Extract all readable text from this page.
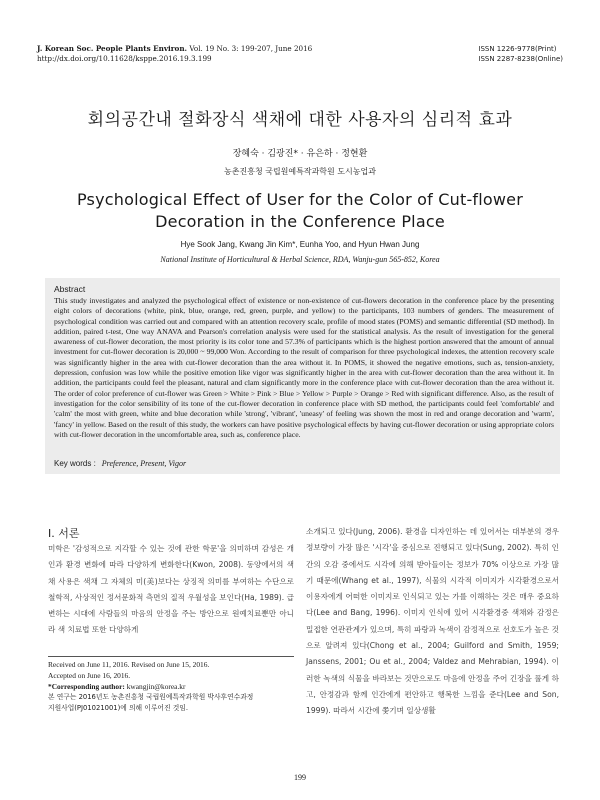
J. Korean Soc. People Plants Environ. Vol. 19 No. 3: 199-207, June 2016
http://dx.doi.org/10.11628/ksppe.2016.19.3.199
ISSN 1226-9778(Print)
ISSN 2287-8238(Online)
회의공간내 절화장식 색채에 대한 사용자의 심리적 효과
장혜숙 · 김광진* · 유은하 · 정현환
농촌진흥청 국립원예특작과학원 도시농업과
Psychological Effect of User for the Color of Cut-flower Decoration in the Conference Place
Hye Sook Jang, Kwang Jin Kim*, Eunha Yoo, and Hyun Hwan Jung
National Institute of Horticultural & Herbal Science, RDA, Wanju-gun 565-852, Korea
Abstract
This study investigates and analyzed the psychological effect of existence or non-existence of cut-flowers decoration in the conference place by the presenting eight colors of decorations (white, pink, blue, orange, red, green, purple, and yellow) to the participants, 103 numbers of genders. The measurement of psychological condition was carried out and compared with an attention recovery scale, profile of mood states (POMS) and semantic differential (SD method). In addition, paired t-test, One way ANAVA and Pearson's correlation analysis were used for the statistical analysis. As the result of investigation for the general awareness of cut-flower decoration, the most priority is its color tone and 57.3% of participants which is the highest portion answered that the amount of annual investment for cut-flower decoration is 20,000 ~ 99,000 Won. According to the result of comparison for three psychological indexes, the attention recovery scale was significantly higher in the area with cut-flower decoration than the area without it. In POMS, it showed the negative emotions, such as, tension-anxiety, depression, confusion was low while the positive emotion like vigor was significantly higher in the area with cut-flower decoration than the area without it. In addition, the participants could feel the pleasant, natural and clam significantly more in the conference place with cut-flower decoration than the area without it. The order of color preference of cut-flower was Green > White > Pink > Blue > Yellow > Purple > Orange > Red with significant difference. Also, as the result of investigation for the color sensibility of its tone of the cut-flower decoration in conference place with SD method, the participants could feel 'comfortable' and 'calm' the most with green, white and blue decoration while 'strong', 'vibrant', 'uneasy' of feeling was shown the most in red and orange decoration and 'warm', 'fancy' in yellow. Based on the result of this study, the workers can have positive psychological effects by having cut-flower decoration or using appropriate colors with cut-flower decoration in the uncomfortable area, such as, conference place.
Key words : Preference, Present, Vigor
Ⅰ. 서론

미학은 '감성적으로 지각할 수 있는 것에 관한 학문'을 의미하며 감성은 개인과 환경 변화에 따라 다양하게 변화한다(Kwon, 2008). 동양에서의 색채 사용은 색채 그 자체의 미(美)보다는 상징적 의미를 부여하는 수단으로 철학적, 사상적인 정서문화적 측면의 질적 우월성을 보인다(Ha, 1989). 급변하는 시대에 사람들의 마음의 안정을 주는 방안으로 원예치료뿐만 아니라 색 치료법 또한 다양하게

소개되고 있다(Jung, 2006). 환경을 디자인하는 데 있어서는 대부분의 경우 정보량이 가장 많은 '시각'을 중심으로 진행되고 있다(Sung, 2002). 특히 인간의 오감 중에서도 시각에 의해 받아들이는 정보가 70% 이상으로 가장 많기 때문에(Whang et al., 1997), 식물의 시각적 이미지가 시각환경으로서 이용자에게 어떠한 이미지로 인식되고 있는 가를 이해하는 것은 매우 중요하다(Lee and Bang, 1996). 이미지 인식에 있어 시각환경중 색채와 감정은 밀접한 연관관계가 있으며, 특히 파랑과 녹색이 감정적으로 선호도가 높은 것으로 알려져 있다(Chong et al., 2004; Guilford and Smith, 1959; Janssens, 2001; Ou et al., 2004; Valdez and Mehrabian, 1994). 이러한 녹색의 식물을 바라보는 것만으로도 마음에 안정을 주어 긴장을 풀게 하고, 안정감과 함께 인간에게 편안하고 행복한 느낌을 준다(Lee and Son, 1999). 따라서 시간에 쫓기며 일상생활

Received on June 11, 2016. Revised on June 15, 2016.
Accepted on June 16, 2016.
*Corresponding author: kwangjin@korea.kr
본 연구는 2016년도 농촌진흥청 국립원예특작과학원 박사후연수과정
지원사업(PJ01021001)에 의해 이루어진 것임.
199
